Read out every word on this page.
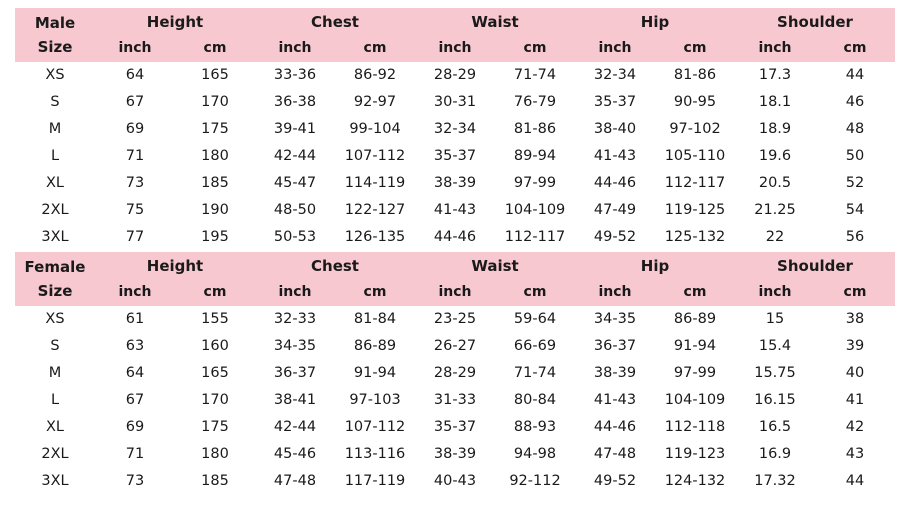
Male
Size
Height	Chest	Waist	Hip	Shoulder
inch	cm	inch	cm	inch	cm	inch	cm	inch	cm
XS	64	165	33-36	86-92	28-29	71-74	32-34	81-86	17.3	44
S	67	170	36-38	92-97	30-31	76-79	35-37	90-95	18.1	46
M	69	175	39-41	99-104	32-34	81-86	38-40	97-102	18.9	48
L	71	180	42-44	107-112	35-37	89-94	41-43	105-110	19.6	50
XL	73	185	45-47	114-119	38-39	97-99	44-46	112-117	20.5	52
2XL	75	190	48-50	122-127	41-43	104-109	47-49	119-125	21.25	54
3XL	77	195	50-53	126-135	44-46	112-117	49-52	125-132	22	56
Female
Size
Height	Chest	Waist	Hip	Shoulder
inch	cm	inch	cm	inch	cm	inch	cm	inch	cm
XS	61	155	32-33	81-84	23-25	59-64	34-35	86-89	15	38
S	63	160	34-35	86-89	26-27	66-69	36-37	91-94	15.4	39
M	64	165	36-37	91-94	28-29	71-74	38-39	97-99	15.75	40
L	67	170	38-41	97-103	31-33	80-84	41-43	104-109	16.15	41
XL	69	175	42-44	107-112	35-37	88-93	44-46	112-118	16.5	42
2XL	71	180	45-46	113-116	38-39	94-98	47-48	119-123	16.9	43
3XL	73	185	47-48	117-119	40-43	92-112	49-52	124-132	17.32	44
